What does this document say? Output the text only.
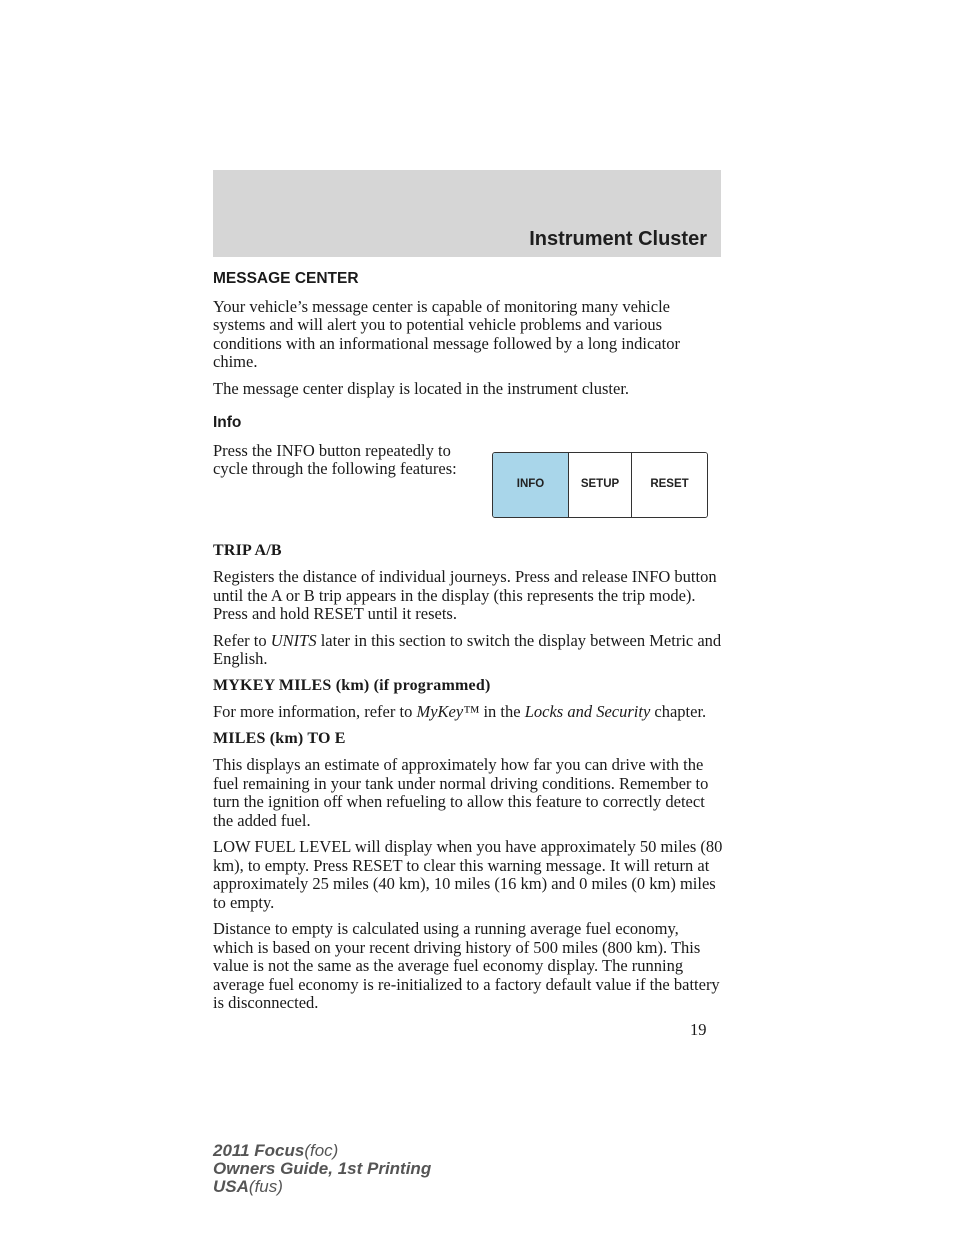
Instrument Cluster
MESSAGE CENTER

Your vehicle’s message center is capable of monitoring many vehicle systems and will alert you to potential vehicle problems and various conditions with an informational message followed by a long indicator chime.

The message center display is located in the instrument cluster.

Info

Press the INFO button repeatedly to cycle through the following features:

INFO	SETUP	RESET
TRIP A/B

Registers the distance of individual journeys. Press and release INFO button until the A or B trip appears in the display (this represents the trip mode). Press and hold RESET until it resets.

Refer to UNITS later in this section to switch the display between Metric and English.

MYKEY MILES (km) (if programmed)

For more information, refer to MyKey™ in the Locks and Security chapter.

MILES (km) TO E

This displays an estimate of approximately how far you can drive with the fuel remaining in your tank under normal driving conditions. Remember to turn the ignition off when refueling to allow this feature to correctly detect the added fuel.

LOW FUEL LEVEL will display when you have approximately 50 miles (80 km), to empty. Press RESET to clear this warning message. It will return at approximately 25 miles (40 km), 10 miles (16 km) and 0 miles (0 km) miles to empty.

Distance to empty is calculated using a running average fuel economy, which is based on your recent driving history of 500 miles (800 km). This value is not the same as the average fuel economy display. The running average fuel economy is re-initialized to a factory default value if the battery is disconnected.

19
2011 Focus(foc)
Owners Guide, 1st Printing
USA(fus)
